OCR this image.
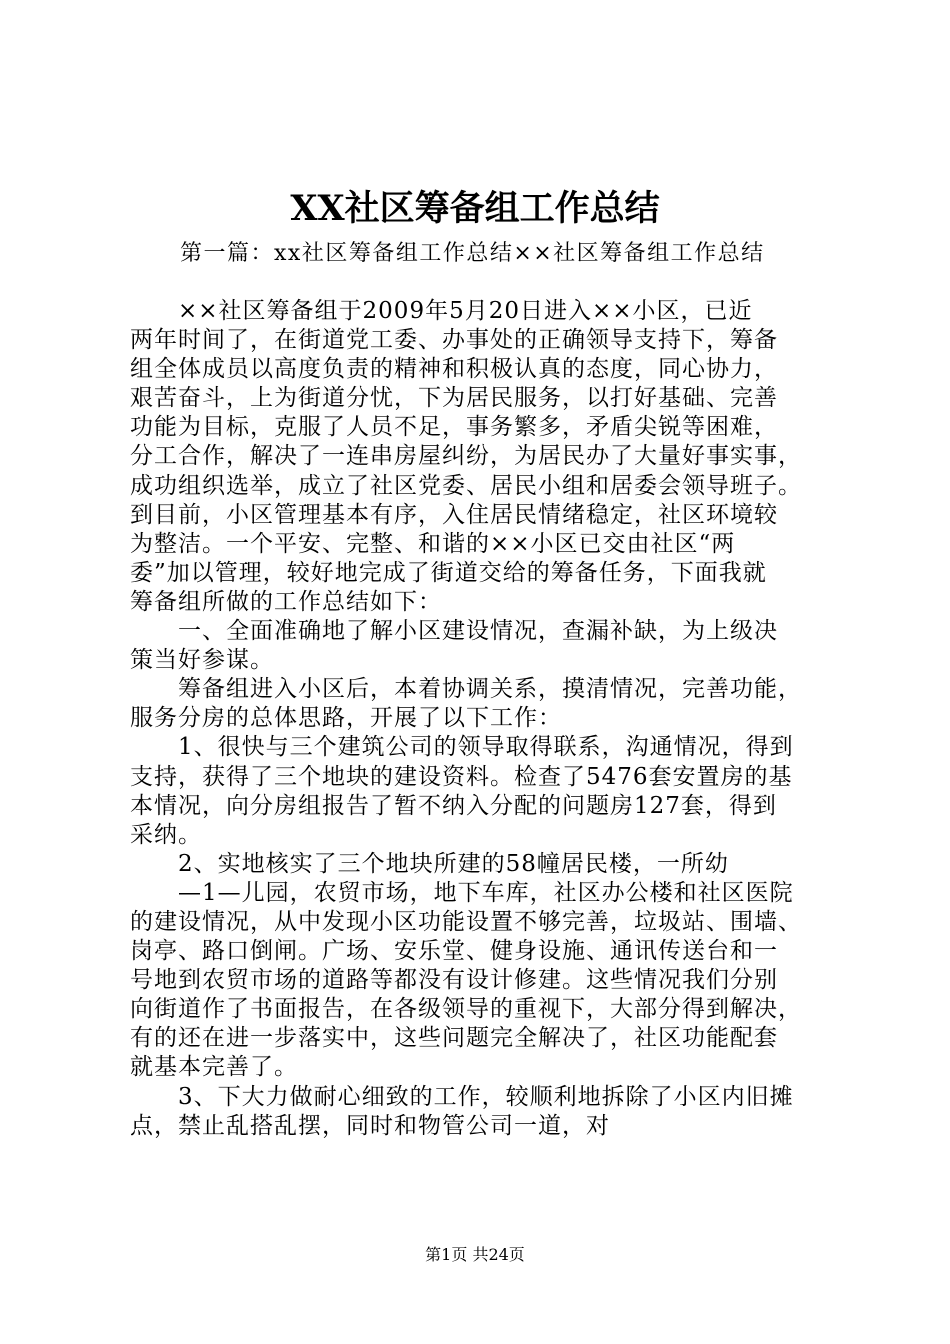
XX社区筹备组工作总结
第一篇：xx社区筹备组工作总结××社区筹备组工作总结
　　××社区筹备组于2009年5月20日进入××小区，已近
两年时间了，在街道党工委、办事处的正确领导支持下，筹备
组全体成员以高度负责的精神和积极认真的态度，同心协力，
艰苦奋斗，上为街道分忧，下为居民服务，以打好基础、完善
功能为目标，克服了人员不足，事务繁多，矛盾尖锐等困难，
分工合作，解决了一连串房屋纠纷，为居民办了大量好事实事，
成功组织选举，成立了社区党委、居民小组和居委会领导班子。
到目前，小区管理基本有序，入住居民情绪稳定，社区环境较
为整洁。一个平安、完整、和谐的××小区已交由社区“两
委”加以管理，较好地完成了街道交给的筹备任务，下面我就
筹备组所做的工作总结如下：
　　一、全面准确地了解小区建设情况，查漏补缺，为上级决
策当好参谋。
　　筹备组进入小区后，本着协调关系，摸清情况，完善功能，
服务分房的总体思路，开展了以下工作：
　　1、很快与三个建筑公司的领导取得联系，沟通情况，得到
支持，获得了三个地块的建设资料。检查了5476套安置房的基
本情况，向分房组报告了暂不纳入分配的问题房127套，得到
采纳。
　　2、实地核实了三个地块所建的58幢居民楼，一所幼
　　—1—儿园，农贸市场，地下车库，社区办公楼和社区医院
的建设情况，从中发现小区功能设置不够完善，垃圾站、围墙、
岗亭、路口倒闸。广场、安乐堂、健身设施、通讯传送台和一
号地到农贸市场的道路等都没有设计修建。这些情况我们分别
向街道作了书面报告，在各级领导的重视下，大部分得到解决，
有的还在进一步落实中，这些问题完全解决了，社区功能配套
就基本完善了。
　　3、下大力做耐心细致的工作，较顺利地拆除了小区内旧摊
点，禁止乱搭乱摆，同时和物管公司一道，对
第1页 共24页
